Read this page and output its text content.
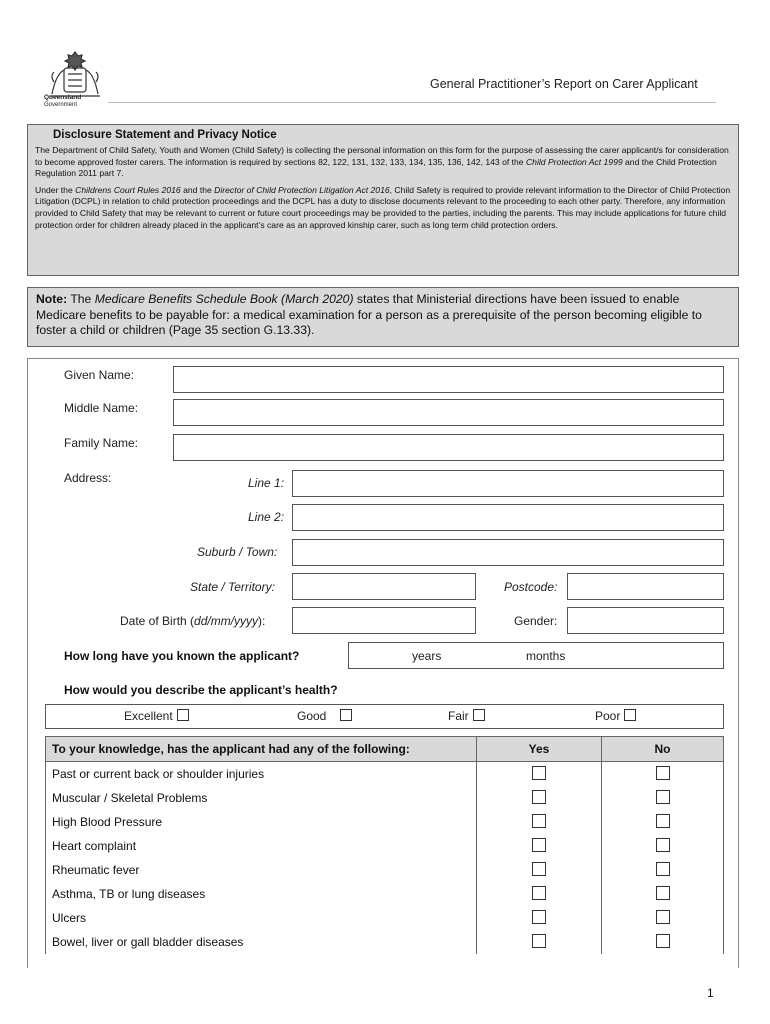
Queensland
Government
General Practitioner’s Report on Carer Applicant
Disclosure Statement and Privacy Notice

The Department of Child Safety, Youth and Women (Child Safety) is collecting the personal information on this form for the purpose of assessing the carer applicant/s for consideration to become approved foster carers. The information is required by sections 82, 122, 131, 132, 133, 134, 135, 136, 142, 143 of the Child Protection Act 1999 and the Child Protection Regulation 2011 part 7.

Under the Childrens Court Rules 2016 and the Director of Child Protection Litigation Act 2016, Child Safety is required to provide relevant information to the Director of Child Protection Litigation (DCPL) in relation to child protection proceedings and the DCPL has a duty to disclose documents relevant to the proceeding to each other party. Therefore, any information provided to Child Safety that may be relevant to current or future court proceedings may be provided to the parties, including the parents. This may include applications for future child protection order for children already placed in the applicant’s care as an approved kinship carer, such as long term child protection orders.

Note: The Medicare Benefits Schedule Book (March 2020) states that Ministerial directions have been issued to enable Medicare benefits to be payable for: a medical examination for a person as a prerequisite of the person becoming eligible to foster a child or children (Page 35 section G.13.33).
Given Name:
Middle Name:
Family Name:
Address:	Line 1:
Line 2:
Suburb / Town:
State / Territory:	Postcode:
Date of Birth (dd/mm/yyyy):	Gender:
How long have you known the applicant?	years	months
How would you describe the applicant’s health?
Excellent	Good	Fair	Poor
To your knowledge, has the applicant had any of the following:	Yes	No
Past or current back or shoulder injuries		
Muscular / Skeletal Problems		
High Blood Pressure		
Heart complaint		
Rheumatic fever		
Asthma, TB or lung diseases		
Ulcers		
Bowel, liver or gall bladder diseases		
1
